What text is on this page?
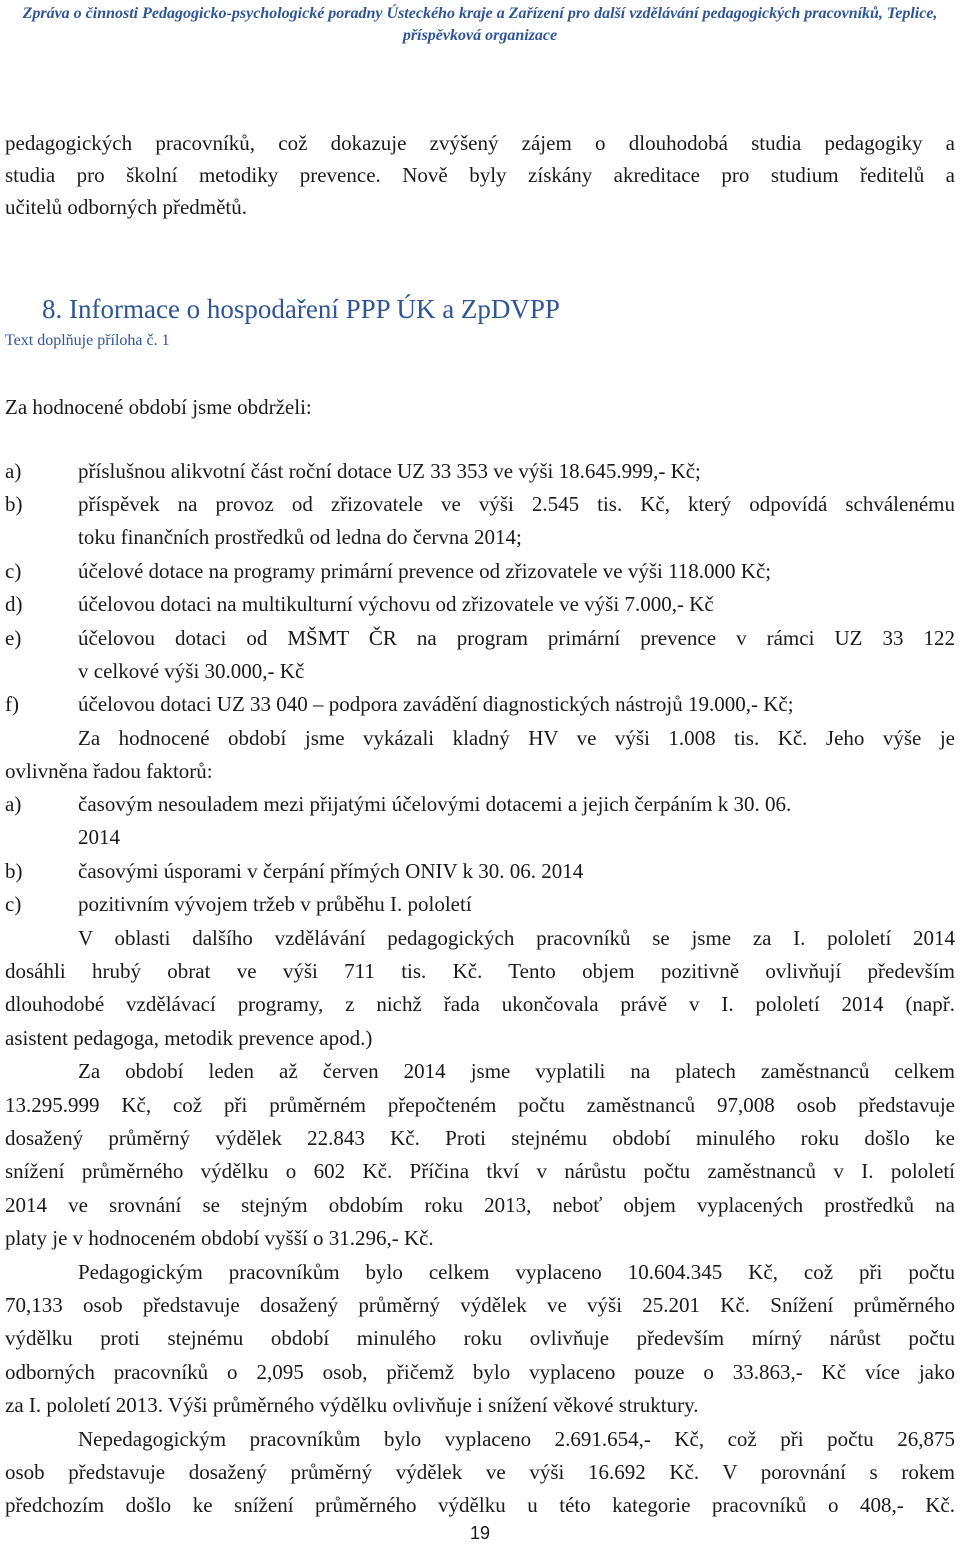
Zpráva o činnosti Pedagogicko-psychologické poradny Ústeckého kraje a Zařízení pro další vzdělávání pedagogických pracovníků, Teplice,
příspěvková organizace
pedagogických pracovníků, což dokazuje zvýšený zájem o dlouhodobá studia pedagogiky a
studia pro školní metodiky prevence. Nově byly získány akreditace pro studium ředitelů a
učitelů odborných předmětů.
8. Informace o hospodaření PPP ÚK a ZpDVPP
Text doplňuje příloha č. 1
Za hodnocené období jsme obdrželi:
a)	příslušnou alikvotní část roční dotace UZ 33 353 ve výši 18.645.999,- Kč;
b)	příspěvek na provoz od zřizovatele ve výši 2.545 tis. Kč, který odpovídá schválenému
toku finančních prostředků od ledna do června 2014;
c)	účelové dotace na programy primární prevence od zřizovatele ve výši 118.000 Kč;
d)	účelovou dotaci na multikulturní výchovu od zřizovatele ve výši 7.000,- Kč
e)	účelovou dotaci od MŠMT ČR na program primární prevence v rámci UZ 33 122
v celkové výši 30.000,- Kč
f)	účelovou dotaci UZ 33 040 – podpora zavádění diagnostických nástrojů 19.000,- Kč;
Za hodnocené období jsme vykázali kladný HV ve výši 1.008 tis. Kč. Jeho výše je
ovlivněna řadou faktorů:
a)	časovým nesouladem mezi přijatými účelovými dotacemi a jejich čerpáním k 30. 06.
2014
b)	časovými úsporami v čerpání přímých ONIV k 30. 06. 2014
c)	pozitivním vývojem tržeb v průběhu I. pololetí
V oblasti dalšího vzdělávání pedagogických pracovníků se jsme za I. pololetí 2014
dosáhli hrubý obrat ve výši 711 tis. Kč. Tento objem pozitivně ovlivňují především
dlouhodobé vzdělávací programy, z nichž řada ukončovala právě v I. pololetí 2014 (např.
asistent pedagoga, metodik prevence apod.)
Za období leden až červen 2014 jsme vyplatili na platech zaměstnanců celkem
13.295.999 Kč, což při průměrném přepočteném počtu zaměstnanců 97,008 osob představuje
dosažený průměrný výdělek 22.843 Kč. Proti stejnému období minulého roku došlo ke
snížení průměrného výdělku o 602 Kč. Příčina tkví v nárůstu počtu zaměstnanců v I. pololetí
2014 ve srovnání se stejným obdobím roku 2013, neboť objem vyplacených prostředků na
platy je v hodnoceném období vyšší o 31.296,- Kč.
Pedagogickým pracovníkům bylo celkem vyplaceno 10.604.345 Kč, což při počtu
70,133 osob představuje dosažený průměrný výdělek ve výši 25.201 Kč. Snížení průměrného
výdělku proti stejnému období minulého roku ovlivňuje především mírný nárůst počtu
odborných pracovníků o 2,095 osob, přičemž bylo vyplaceno pouze o 33.863,- Kč více jako
za I. pololetí 2013. Výši průměrného výdělku ovlivňuje i snížení věkové struktury.
Nepedagogickým pracovníkům bylo vyplaceno 2.691.654,- Kč, což při počtu 26,875
osob představuje dosažený průměrný výdělek ve výši 16.692 Kč. V porovnání s rokem
předchozím došlo ke snížení průměrného výdělku u této kategorie pracovníků o 408,- Kč.
19
